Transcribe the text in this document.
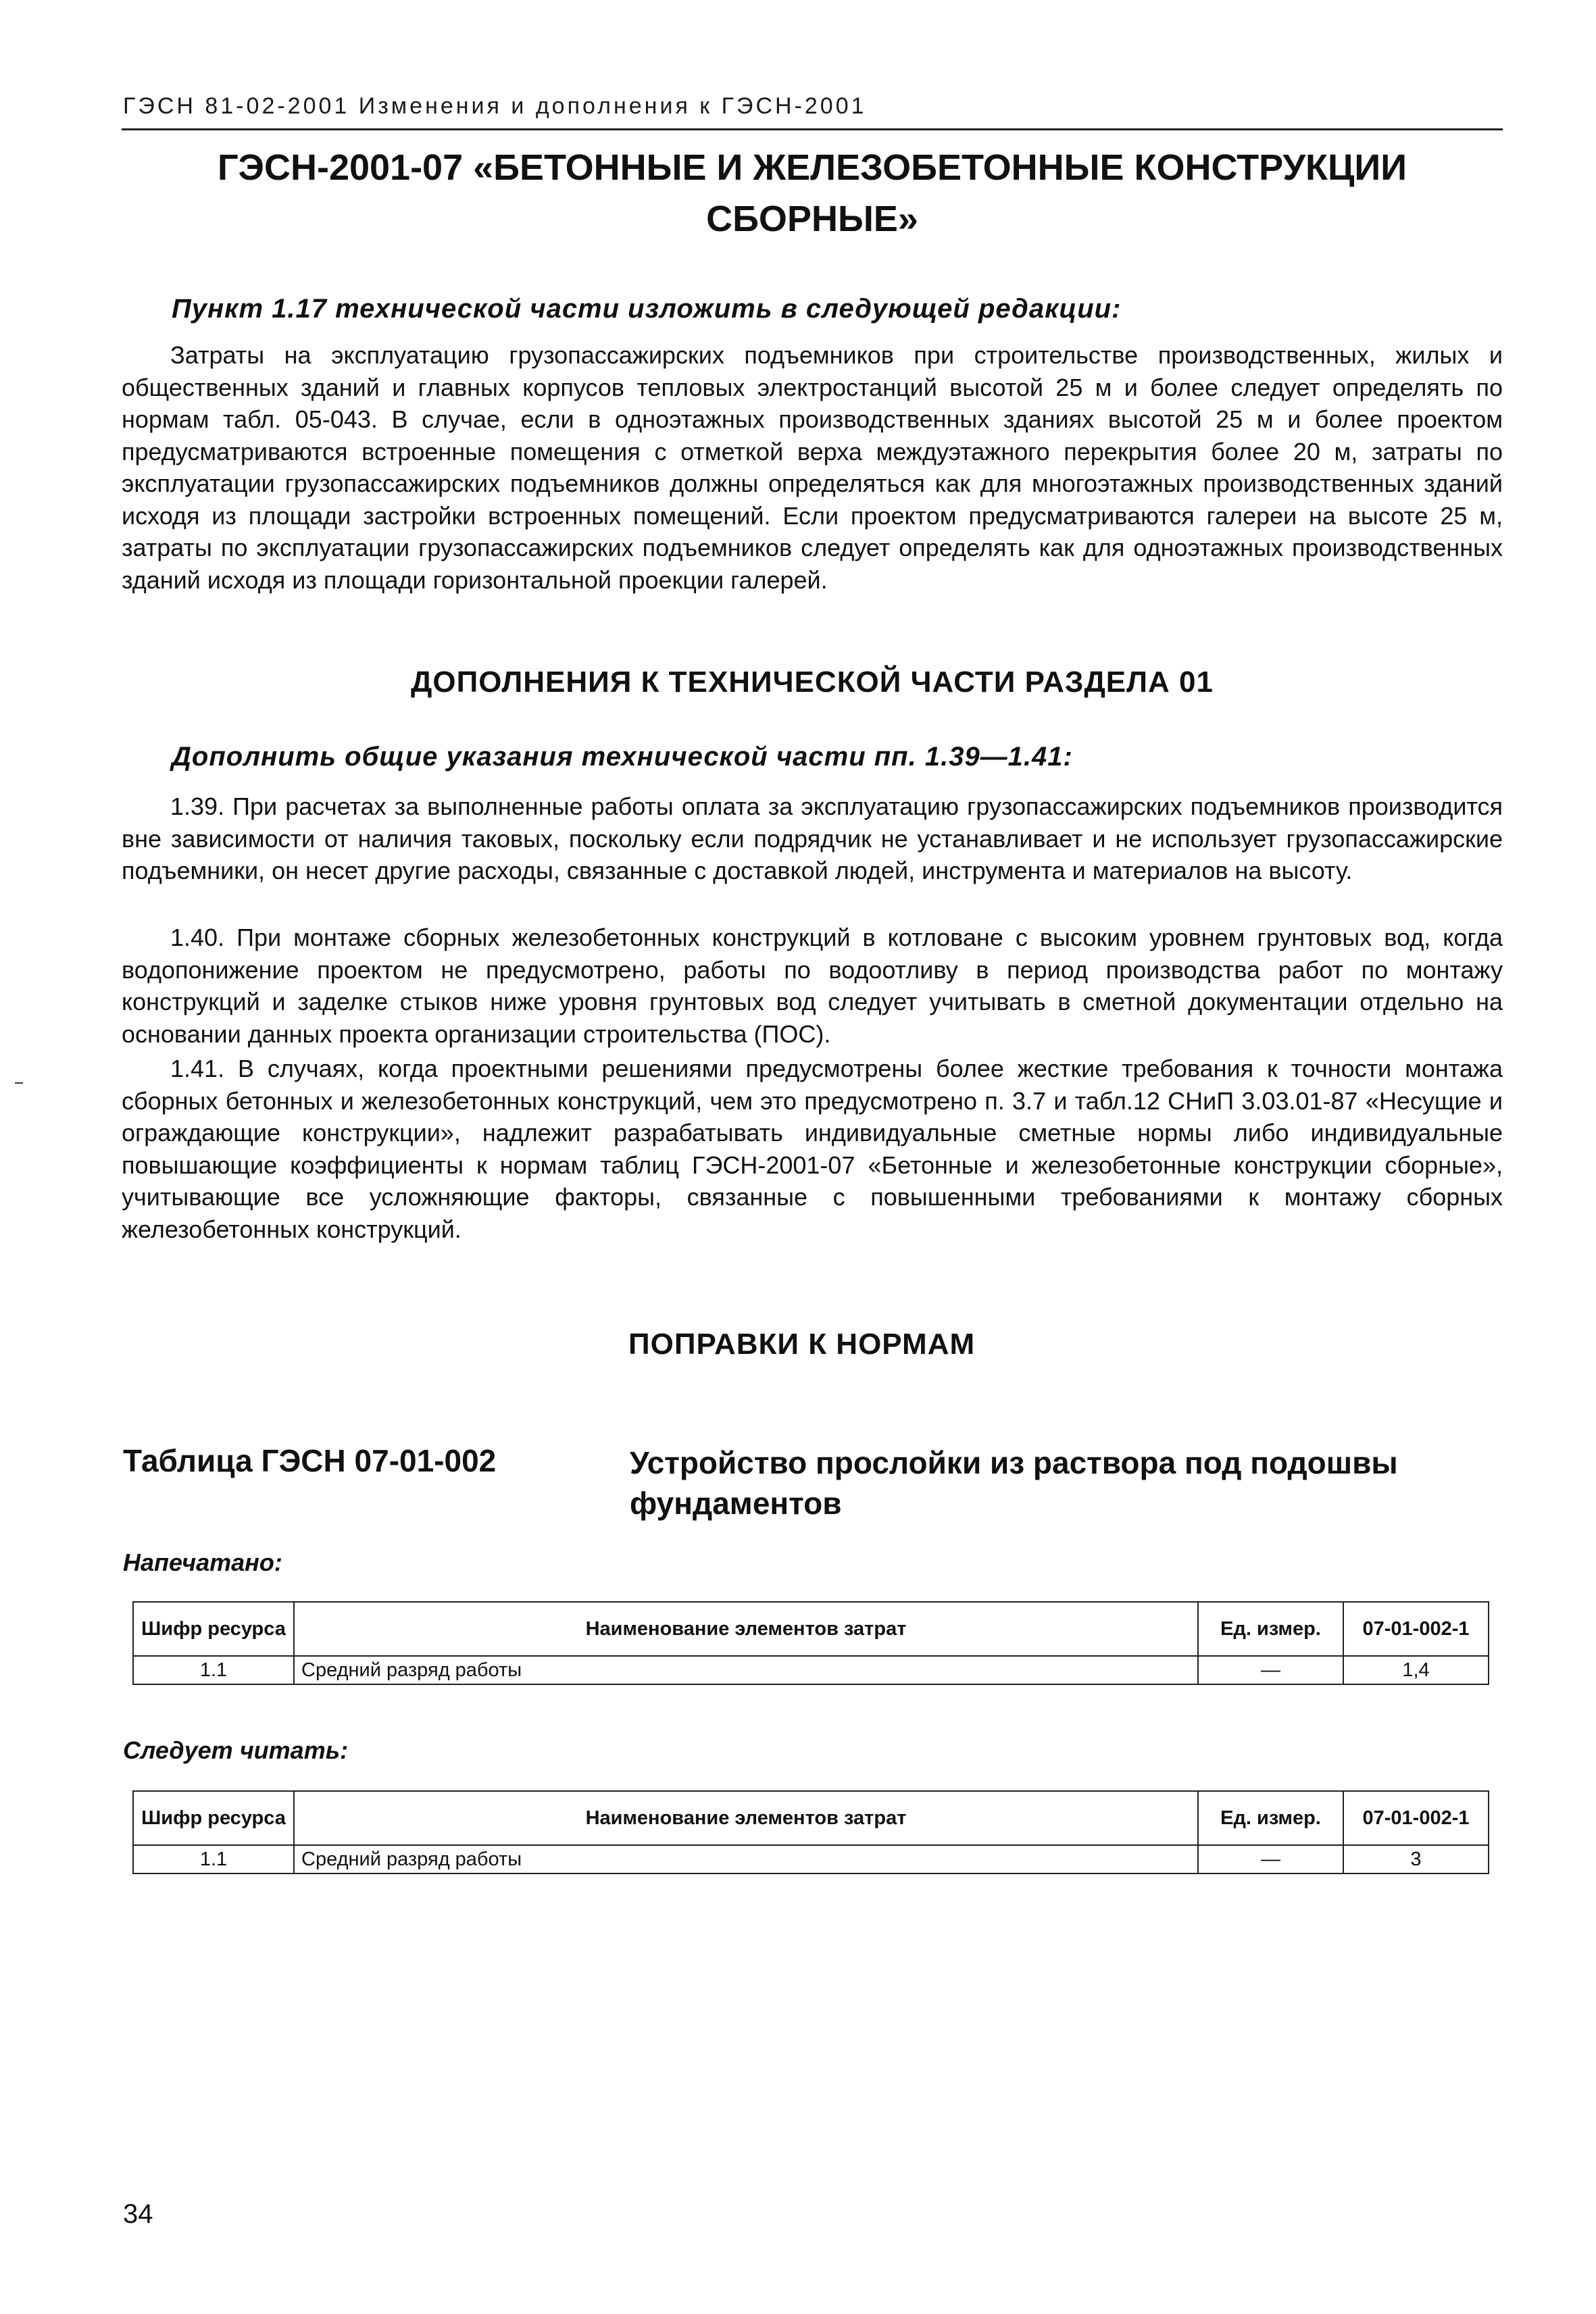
ГЭСН 81-02-2001 Изменения и дополнения к ГЭСН-2001
ГЭСН-2001-07 «БЕТОННЫЕ И ЖЕЛЕЗОБЕТОННЫЕ КОНСТРУКЦИИ
СБОРНЫЕ»
Пункт 1.17 технической части изложить в следующей редакции:

Затраты на эксплуатацию грузопассажирских подъемников при строительстве производственных, жилых и общественных зданий и главных корпусов тепловых электростанций высотой 25 м и более следует определять по нормам табл. 05-043. В случае, если в одноэтажных производственных зданиях высотой 25 м и более проектом предусматриваются встроенные помещения с отметкой верха междуэтажного перекрытия более 20 м, затраты по эксплуатации грузопассажирских подъемников должны определяться как для многоэтажных производственных зданий исходя из площади застройки встроенных помещений. Если проектом предусматриваются галереи на высоте 25 м, затраты по эксплуатации грузопассажирских подъемников следует определять как для одноэтажных производственных зданий исходя из площади горизонтальной проекции галерей.

ДОПОЛНЕНИЯ К ТЕХНИЧЕСКОЙ ЧАСТИ РАЗДЕЛА 01
Дополнить общие указания технической части пп. 1.39—1.41:

1.39. При расчетах за выполненные работы оплата за эксплуатацию грузопассажирских подъемников производится вне зависимости от наличия таковых, поскольку если подрядчик не устанавливает и не использует грузопассажирские подъемники, он несет другие расходы, связанные с доставкой людей, инструмента и материалов на высоту.

1.40. При монтаже сборных железобетонных конструкций в котловане с высоким уровнем грунтовых вод, когда водопонижение проектом не предусмотрено, работы по водоотливу в период производства работ по монтажу конструкций и заделке стыков ниже уровня грунтовых вод следует учитывать в сметной документации отдельно на основании данных проекта организации строительства (ПОС).

1.41. В случаях, когда проектными решениями предусмотрены более жесткие требования к точности монтажа сборных бетонных и железобетонных конструкций, чем это предусмотрено п. 3.7 и табл.12 СНиП 3.03.01-87 «Несущие и ограждающие конструкции», надлежит разрабатывать индивидуальные сметные нормы либо индивидуальные повышающие коэффициенты к нормам таблиц ГЭСН-2001-07 «Бетонные и железобетонные конструкции сборные», учитывающие все усложняющие факторы, связанные с повышенными требованиями к монтажу сборных железобетонных конструкций.

ПОПРАВКИ К НОРМАМ
Таблица ГЭСН 07-01-002	Устройство прослойки из раствора под подошвы фундаментов
Напечатано:
Шифр ресурса	Наименование элементов затрат	Ед. измер.	07-01-002-1
1.1	Средний разряд работы	—	1,4
Следует читать:
Шифр ресурса	Наименование элементов затрат	Ед. измер.	07-01-002-1
1.1	Средний разряд работы	—	3
34
